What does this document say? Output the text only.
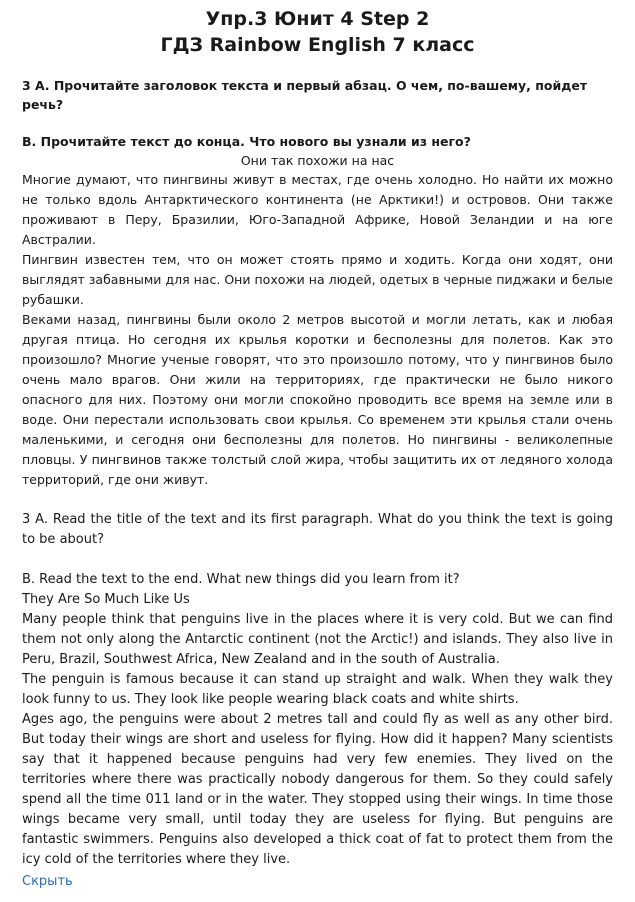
Упр.3 Юнит 4 Step 2
ГДЗ Rainbow English 7 класс

3 А. Прочитайте заголовок текста и первый абзац. О чем, по-вашему, пойдет речь?

B. Прочитайте текст до конца. Что нового вы узнали из него?

Они так похожи на нас

Многие думают, что пингвины живут в местах, где очень холодно. Но найти их можно не только вдоль Антарктического континента (не Арктики!) и островов. Они также проживают в Перу, Бразилии, Юго-Западной Африке, Новой Зеландии и на юге Австралии.

Пингвин известен тем, что он может стоять прямо и ходить. Когда они ходят, они выглядят забавными для нас. Они похожи на людей, одетых в черные пиджаки и белые рубашки.

Веками назад, пингвины были около 2 метров высотой и могли летать, как и любая другая птица. Но сегодня их крылья коротки и бесполезны для полетов. Как это произошло? Многие ученые говорят, что это произошло потому, что у пингвинов было очень мало врагов. Они жили на территориях, где практически не было никого опасного для них. Поэтому они могли спокойно проводить все время на земле или в воде. Они перестали использовать свои крылья. Со временем эти крылья стали очень маленькими, и сегодня они бесполезны для полетов. Но пингвины - великолепные пловцы. У пингвинов также толстый слой жира, чтобы защитить их от ледяного холода территорий, где они живут.

3 A. Read the title of the text and its first paragraph. What do you think the text is going to be about?

B. Read the text to the end. What new things did you learn from it?

They Are So Much Like Us

Many people think that penguins live in the places where it is very cold. But we can find them not only along the Antarctic continent (not the Arctic!) and islands. They also live in Peru, Brazil, Southwest Africa, New Zealand and in the south of Australia.

The penguin is famous because it can stand up straight and walk. When they walk they look funny to us. They look like people wearing black coats and white shirts.

Ages ago, the penguins were about 2 metres tall and could fly as well as any other bird. But today their wings are short and useless for flying. How did it happen? Many scientists say that it happened because penguins had very few enemies. They lived on the territories where there was practically nobody dangerous for them. So they could safely spend all the time 011 land or in the water. They stopped using their wings. In time those wings became very small, until today they are useless for flying. But penguins are fantastic swimmers. Penguins also developed a thick coat of fat to protect them from the icy cold of the territories where they live.

Скрыть
